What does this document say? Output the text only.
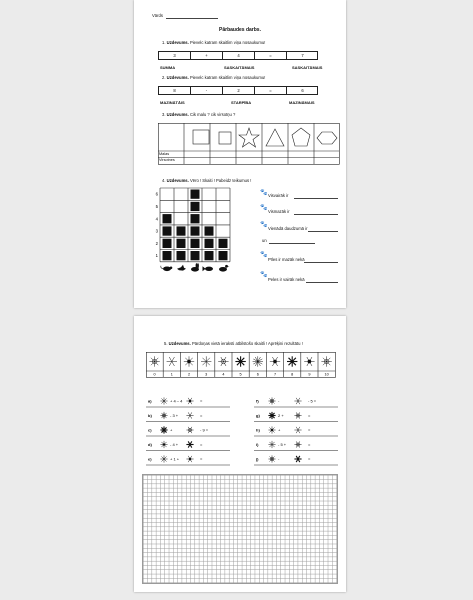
Vārds
Pārbaudes darbs.
1. Uzdevums. Pievelc katram skaitlim viņa nosaukumu!
3	+	4	=	7
SUMMA	SASKAITĀMAIS	SASKAITĀMAIS
2. Uzdevums. Pievelc katram skaitlim viņa nosaukumu!
8	-	2	=	6
MAZINĀTĀIS	STARPĪBA	MAZINĀMAIS
3. Uzdevums. Cik malu ? cik virsotņu ?
Malas
Virsotnes
4. Uzdevums. Vēro ! Skaiti ! Pabeidz teikumus !
1
2
3
4
5
6	🐾 Visvairāk ir
🐾
Vismazāk ir
🐾
Vienādā daudzumā ir
un
🐾
Pīles ir mazāk nekā
🐾
Peles ir vairāk nekā
5. Uzdevums. Pārdoņas vietā ieraksti atbilstošo skaitli ! Aprēķini rezultātu !
0	1	2	3	4	5	6	7	8	9	10
a)	+ 4 – 4	=
b)	- 3 +	=
c)	+	- 9 =
d)	- 4 +	=
e)	+ 1 +	=
f)	-	- 5 =
g)	2 +	=
h)	+	=
i)	- 5 +	=
j)	-	=
